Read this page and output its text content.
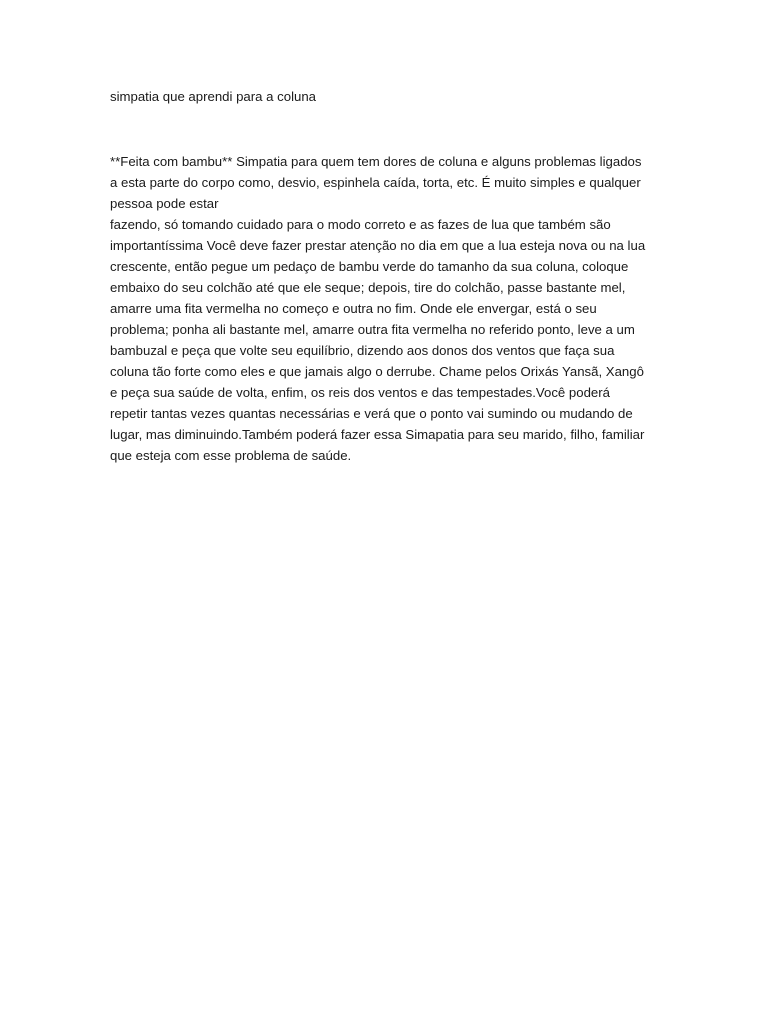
simpatia que aprendi para a coluna

**Feita com bambu** Simpatia para quem tem dores de coluna e alguns problemas ligados
a esta parte do corpo como, desvio, espinhela caída, torta, etc. É muito simples e qualquer
pessoa pode estar
fazendo, só tomando cuidado para o modo correto e as fazes de lua que também são
importantíssima Você deve fazer prestar atenção no dia em que a lua esteja nova ou na lua
crescente, então pegue um pedaço de bambu verde do tamanho da sua coluna, coloque
embaixo do seu colchão até que ele seque; depois, tire do colchão, passe bastante mel,
amarre uma fita vermelha no começo e outra no fim. Onde ele envergar, está o seu
problema; ponha ali bastante mel, amarre outra fita vermelha no referido ponto, leve a um
bambuzal e peça que volte seu equilíbrio, dizendo aos donos dos ventos que faça sua
coluna tão forte como eles e que jamais algo o derrube. Chame pelos Orixás Yansã, Xangô
e peça sua saúde de volta, enfim, os reis dos ventos e das tempestades.Você poderá
repetir tantas vezes quantas necessárias e verá que o ponto vai sumindo ou mudando de
lugar, mas diminuindo.Também poderá fazer essa Simapatia para seu marido, filho, familiar
que esteja com esse problema de saúde.
